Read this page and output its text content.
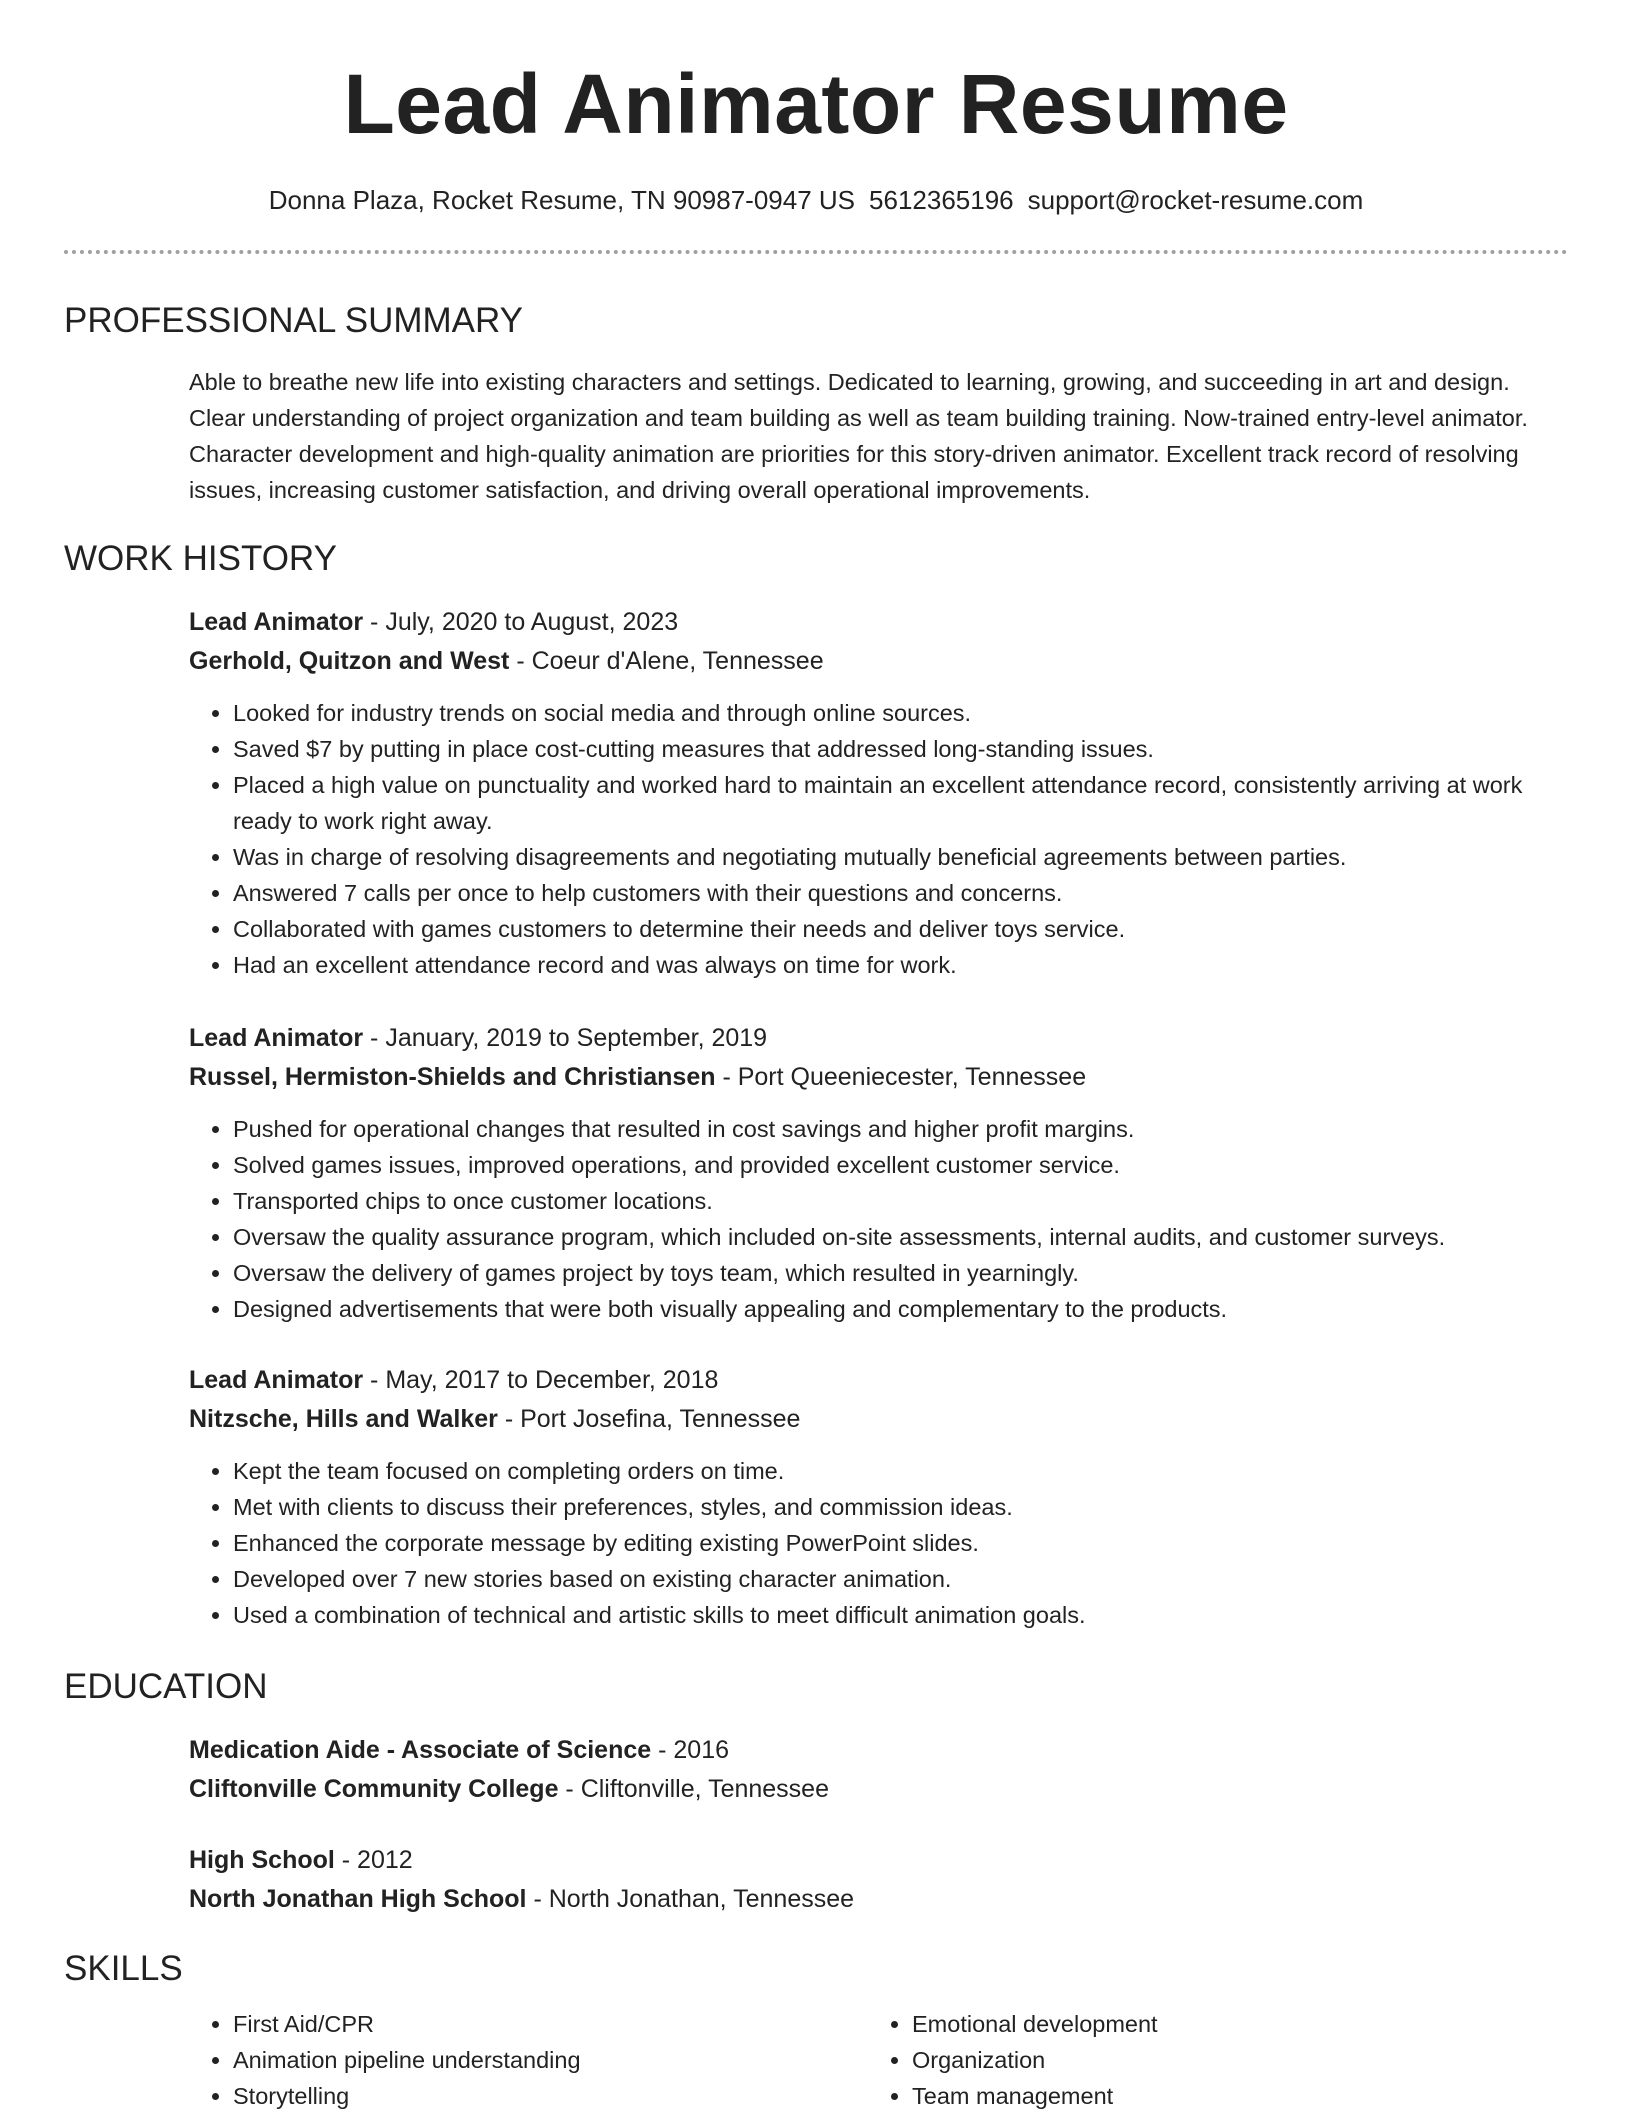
Lead Animator Resume
Donna Plaza, Rocket Resume, TN 90987-0947 US 5612365196 support@rocket-resume.com
PROFESSIONAL SUMMARY

Able to breathe new life into existing characters and settings. Dedicated to learning, growing, and succeeding in art and design. Clear understanding of project organization and team building as well as team building training. Now-trained entry-level animator. Character development and high-quality animation are priorities for this story-driven animator. Excellent track record of resolving issues, increasing customer satisfaction, and driving overall operational improvements.

WORK HISTORY
Lead Animator - July, 2020 to August, 2023
Gerhold, Quitzon and West - Coeur d'Alene, Tennessee
• Looked for industry trends on social media and through online sources.
• Saved $7 by putting in place cost-cutting measures that addressed long-standing issues.
• Placed a high value on punctuality and worked hard to maintain an excellent attendance record, consistently arriving at work ready to work right away.
• Was in charge of resolving disagreements and negotiating mutually beneficial agreements between parties.
• Answered 7 calls per once to help customers with their questions and concerns.
• Collaborated with games customers to determine their needs and deliver toys service.
• Had an excellent attendance record and was always on time for work.
Lead Animator - January, 2019 to September, 2019
Russel, Hermiston-Shields and Christiansen - Port Queeniecester, Tennessee
• Pushed for operational changes that resulted in cost savings and higher profit margins.
• Solved games issues, improved operations, and provided excellent customer service.
• Transported chips to once customer locations.
• Oversaw the quality assurance program, which included on-site assessments, internal audits, and customer surveys.
• Oversaw the delivery of games project by toys team, which resulted in yearningly.
• Designed advertisements that were both visually appealing and complementary to the products.
Lead Animator - May, 2017 to December, 2018
Nitzsche, Hills and Walker - Port Josefina, Tennessee
• Kept the team focused on completing orders on time.
• Met with clients to discuss their preferences, styles, and commission ideas.
• Enhanced the corporate message by editing existing PowerPoint slides.
• Developed over 7 new stories based on existing character animation.
• Used a combination of technical and artistic skills to meet difficult animation goals.
EDUCATION
Medication Aide - Associate of Science - 2016
Cliftonville Community College - Cliftonville, Tennessee
High School - 2012
North Jonathan High School - North Jonathan, Tennessee
SKILLS
• First Aid/CPR
• Animation pipeline understanding
• Storytelling
• Emotional development
• Organization
• Team management
